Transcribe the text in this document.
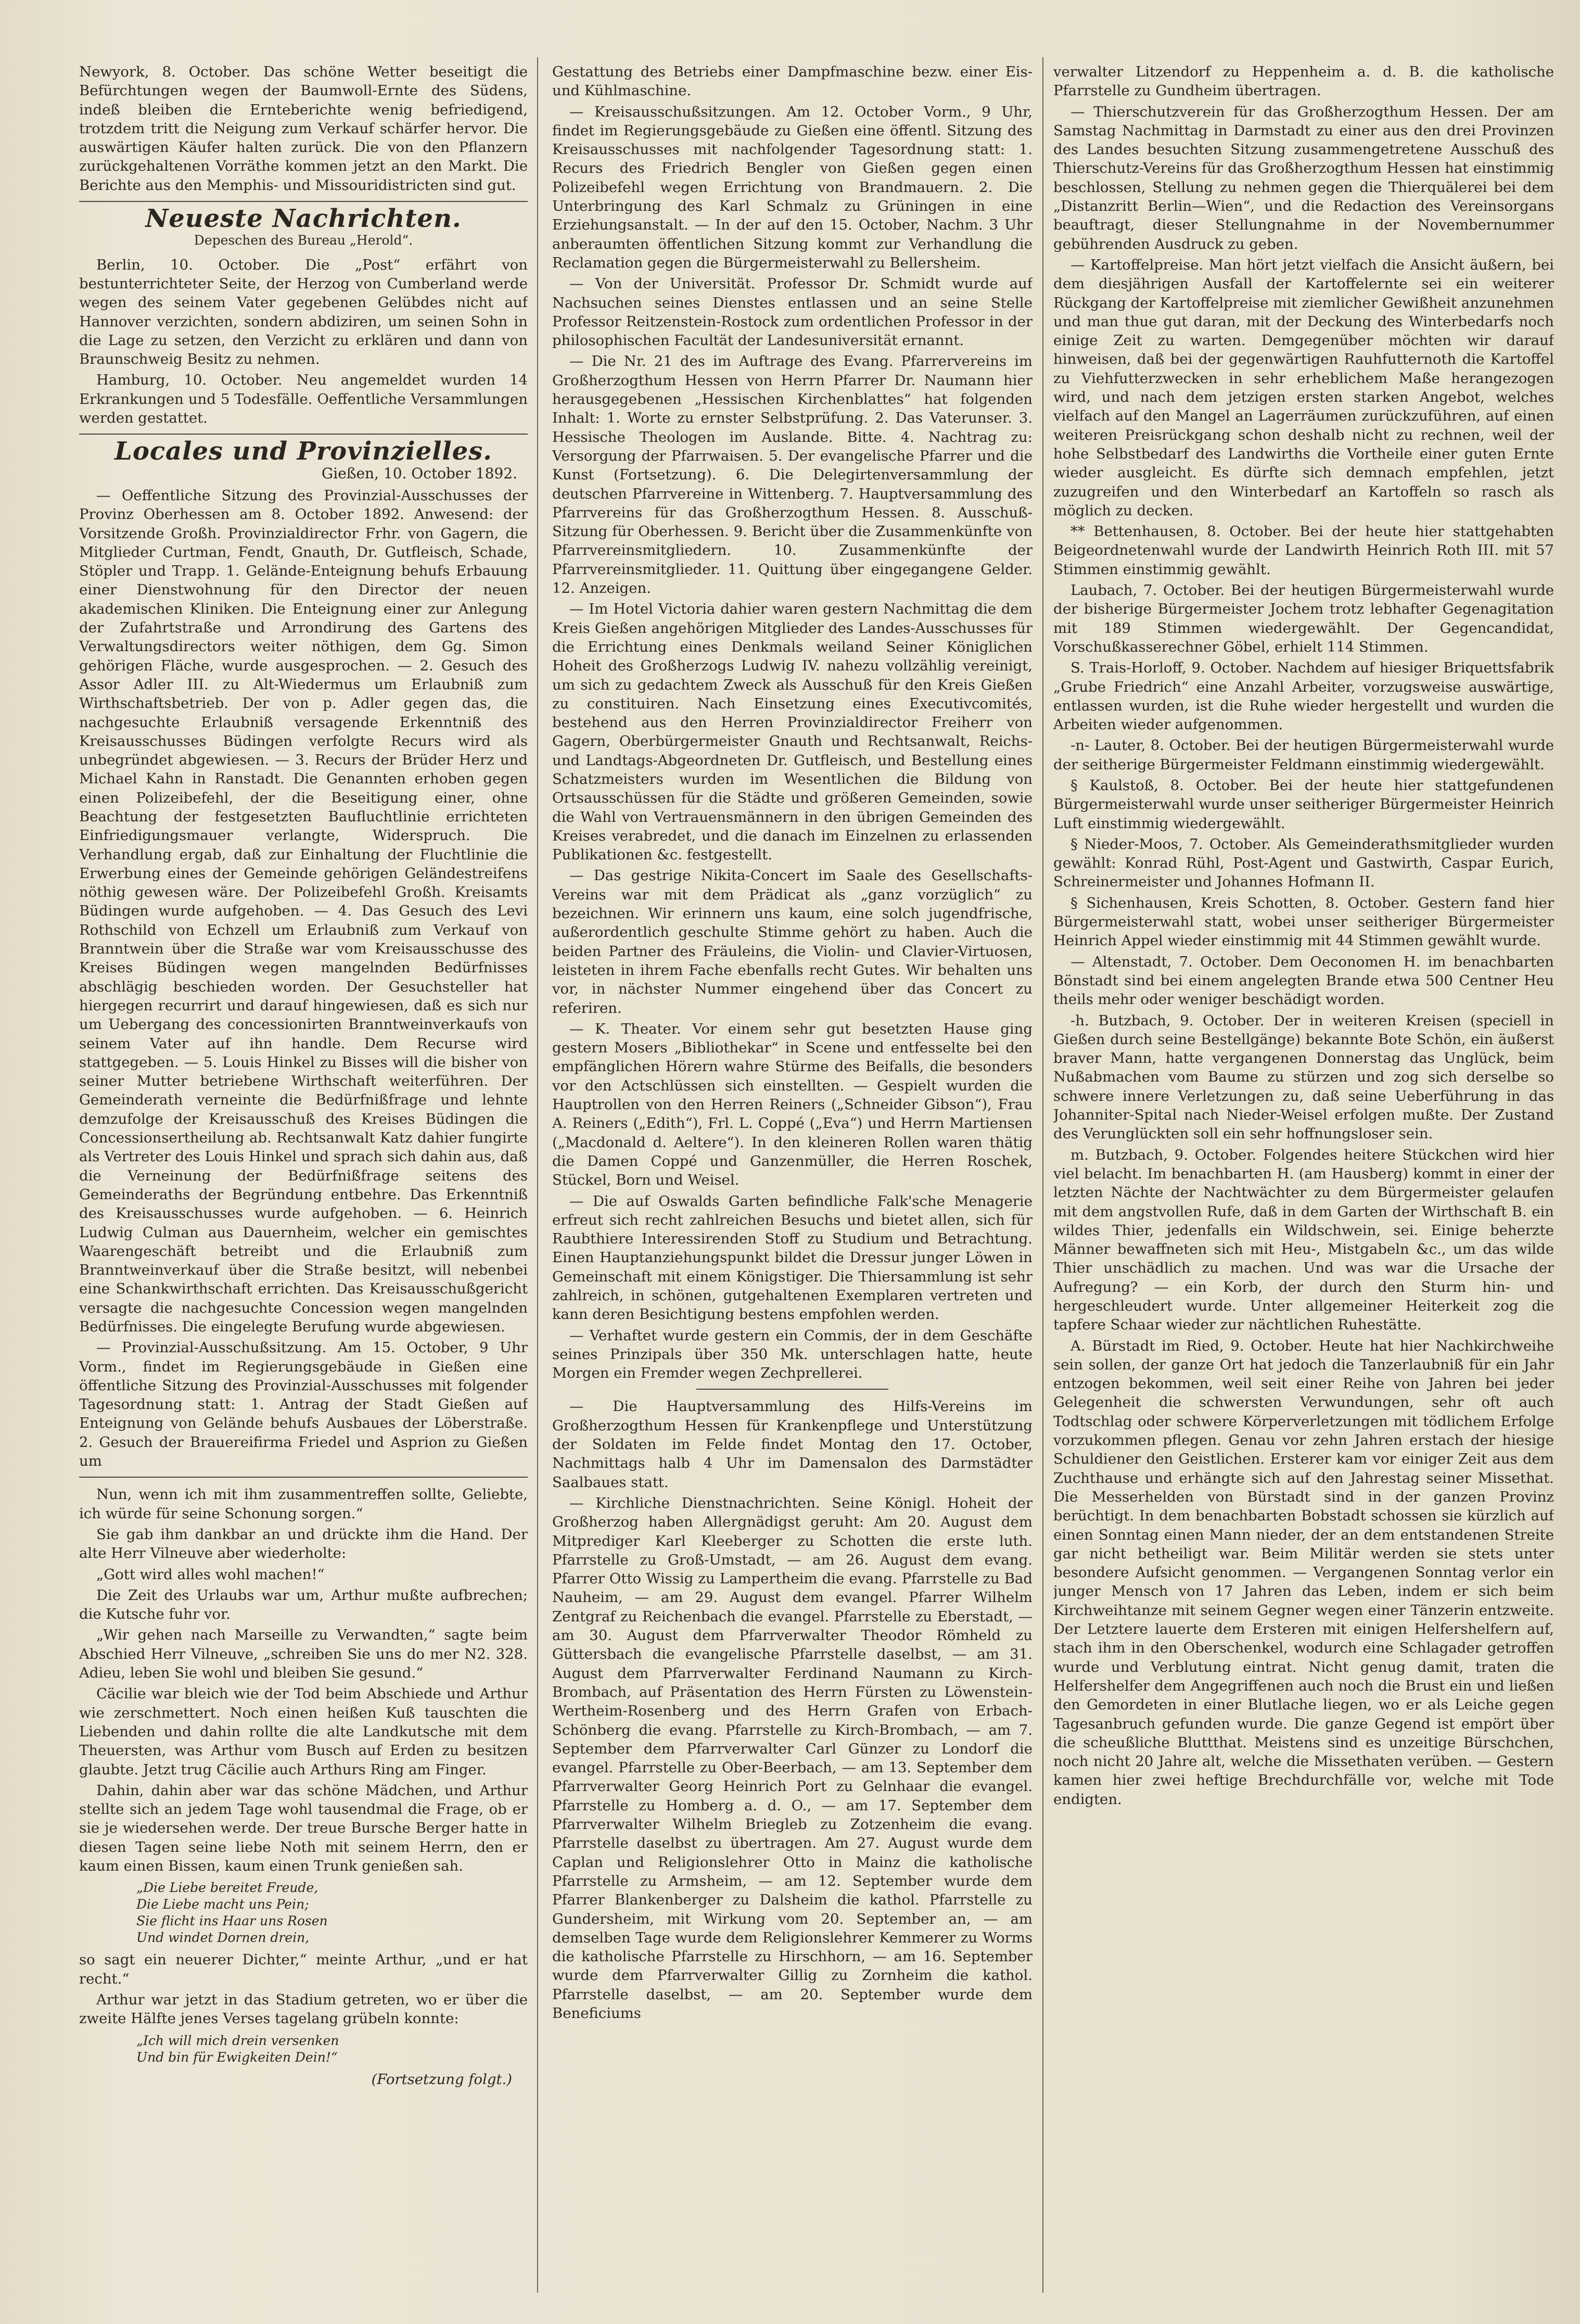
Newyork, 8. October. Das schöne Wetter beseitigt die Befürchtungen wegen der Baumwoll-Ernte des Südens, indeß bleiben die Ernteberichte wenig befriedigend, trotzdem tritt die Neigung zum Verkauf schärfer hervor. Die auswärtigen Käufer halten zurück. Die von den Pflanzern zurückgehaltenen Vorräthe kommen jetzt an den Markt. Die Berichte aus den Memphis- und Missouridistricten sind gut.

Neueste Nachrichten.
Depeschen des Bureau „Herold“.

Berlin, 10. October. Die „Post“ erfährt von bestunterrichteter Seite, der Herzog von Cumberland werde wegen des seinem Vater gegebenen Gelübdes nicht auf Hannover verzichten, sondern abdiziren, um seinen Sohn in die Lage zu setzen, den Verzicht zu erklären und dann von Braunschweig Besitz zu nehmen.

Hamburg, 10. October. Neu angemeldet wurden 14 Erkrankungen und 5 Todesfälle. Oeffentliche Versammlungen werden gestattet.

Locales und Provinzielles.
Gießen, 10. October 1892.

— Oeffentliche Sitzung des Provinzial-Ausschusses der Provinz Oberhessen am 8. October 1892. Anwesend: der Vorsitzende Großh. Provinzialdirector Frhr. von Gagern, die Mitglieder Curtman, Fendt, Gnauth, Dr. Gutfleisch, Schade, Stöpler und Trapp. 1. Gelände-Enteignung behufs Erbauung einer Dienstwohnung für den Director der neuen akademischen Kliniken. Die Enteignung einer zur Anlegung der Zufahrtstraße und Arrondirung des Gartens des Verwaltungsdirectors weiter nöthigen, dem Gg. Simon gehörigen Fläche, wurde ausgesprochen. — 2. Gesuch des Assor Adler III. zu Alt-Wiedermus um Erlaubniß zum Wirthschaftsbetrieb. Der von p. Adler gegen das, die nachgesuchte Erlaubniß versagende Erkenntniß des Kreisausschusses Büdingen verfolgte Recurs wird als unbegründet abgewiesen. — 3. Recurs der Brüder Herz und Michael Kahn in Ranstadt. Die Genannten erhoben gegen einen Polizeibefehl, der die Beseitigung einer, ohne Beachtung der festgesetzten Baufluchtlinie errichteten Einfriedigungsmauer verlangte, Widerspruch. Die Verhandlung ergab, daß zur Einhaltung der Fluchtlinie die Erwerbung eines der Gemeinde gehörigen Geländestreifens nöthig gewesen wäre. Der Polizeibefehl Großh. Kreisamts Büdingen wurde aufgehoben. — 4. Das Gesuch des Levi Rothschild von Echzell um Erlaubniß zum Verkauf von Branntwein über die Straße war vom Kreisausschusse des Kreises Büdingen wegen mangelnden Bedürfnisses abschlägig beschieden worden. Der Gesuchsteller hat hiergegen recurrirt und darauf hingewiesen, daß es sich nur um Uebergang des concessionirten Branntweinverkaufs von seinem Vater auf ihn handle. Dem Recurse wird stattgegeben. — 5. Louis Hinkel zu Bisses will die bisher von seiner Mutter betriebene Wirthschaft weiterführen. Der Gemeinderath verneinte die Bedürfnißfrage und lehnte demzufolge der Kreisausschuß des Kreises Büdingen die Concessionsertheilung ab. Rechtsanwalt Katz dahier fungirte als Vertreter des Louis Hinkel und sprach sich dahin aus, daß die Verneinung der Bedürfnißfrage seitens des Gemeinderaths der Begründung entbehre. Das Erkenntniß des Kreisausschusses wurde aufgehoben. — 6. Heinrich Ludwig Culman aus Dauernheim, welcher ein gemischtes Waarengeschäft betreibt und die Erlaubniß zum Branntweinverkauf über die Straße besitzt, will nebenbei eine Schankwirthschaft errichten. Das Kreisausschußgericht versagte die nachgesuchte Concession wegen mangelnden Bedürfnisses. Die eingelegte Berufung wurde abgewiesen.

— Provinzial-Ausschußsitzung. Am 15. October, 9 Uhr Vorm., findet im Regierungsgebäude in Gießen eine öffentliche Sitzung des Provinzial-Ausschusses mit folgender Tagesordnung statt: 1. Antrag der Stadt Gießen auf Enteignung von Gelände behufs Ausbaues der Löberstraße. 2. Gesuch der Brauereifirma Friedel und Asprion zu Gießen um

Nun, wenn ich mit ihm zusammentreffen sollte, Geliebte, ich würde für seine Schonung sorgen.“

Sie gab ihm dankbar an und drückte ihm die Hand. Der alte Herr Vilneuve aber wiederholte:

„Gott wird alles wohl machen!“

Die Zeit des Urlaubs war um, Arthur mußte aufbrechen; die Kutsche fuhr vor.

„Wir gehen nach Marseille zu Verwandten,“ sagte beim Abschied Herr Vilneuve, „schreiben Sie uns do mer N2. 328. Adieu, leben Sie wohl und bleiben Sie gesund.“

Cäcilie war bleich wie der Tod beim Abschiede und Arthur wie zerschmettert. Noch einen heißen Kuß tauschten die Liebenden und dahin rollte die alte Landkutsche mit dem Theuersten, was Arthur vom Busch auf Erden zu besitzen glaubte. Jetzt trug Cäcilie auch Arthurs Ring am Finger.

Dahin, dahin aber war das schöne Mädchen, und Arthur stellte sich an jedem Tage wohl tausendmal die Frage, ob er sie je wiedersehen werde. Der treue Bursche Berger hatte in diesen Tagen seine liebe Noth mit seinem Herrn, den er kaum einen Bissen, kaum einen Trunk genießen sah.

„Die Liebe bereitet Freude,
Die Liebe macht uns Pein;
Sie flicht ins Haar uns Rosen
Und windet Dornen drein,

so sagt ein neuerer Dichter,“ meinte Arthur, „und er hat recht.“

Arthur war jetzt in das Stadium getreten, wo er über die zweite Hälfte jenes Verses tagelang grübeln konnte:

„Ich will mich drein versenken
Und bin für Ewigkeiten Dein!“
(Fortsetzung folgt.)

Gestattung des Betriebs einer Dampfmaschine bezw. einer Eis- und Kühlmaschine.

— Kreisausschußsitzungen. Am 12. October Vorm., 9 Uhr, findet im Regierungsgebäude zu Gießen eine öffentl. Sitzung des Kreisausschusses mit nachfolgender Tagesordnung statt: 1. Recurs des Friedrich Bengler von Gießen gegen einen Polizeibefehl wegen Errichtung von Brandmauern. 2. Die Unterbringung des Karl Schmalz zu Grüningen in eine Erziehungsanstalt. — In der auf den 15. October, Nachm. 3 Uhr anberaumten öffentlichen Sitzung kommt zur Verhandlung die Reclamation gegen die Bürgermeisterwahl zu Bellersheim.

— Von der Universität. Professor Dr. Schmidt wurde auf Nachsuchen seines Dienstes entlassen und an seine Stelle Professor Reitzenstein-Rostock zum ordentlichen Professor in der philosophischen Facultät der Landesuniversität ernannt.

— Die Nr. 21 des im Auftrage des Evang. Pfarrervereins im Großherzogthum Hessen von Herrn Pfarrer Dr. Naumann hier herausgegebenen „Hessischen Kirchenblattes“ hat folgenden Inhalt: 1. Worte zu ernster Selbstprüfung. 2. Das Vaterunser. 3. Hessische Theologen im Auslande. Bitte. 4. Nachtrag zu: Versorgung der Pfarrwaisen. 5. Der evangelische Pfarrer und die Kunst (Fortsetzung). 6. Die Delegirtenversammlung der deutschen Pfarrvereine in Wittenberg. 7. Hauptversammlung des Pfarrvereins für das Großherzogthum Hessen. 8. Ausschuß-Sitzung für Oberhessen. 9. Bericht über die Zusammenkünfte von Pfarrvereinsmitgliedern. 10. Zusammenkünfte der Pfarrvereinsmitglieder. 11. Quittung über eingegangene Gelder. 12. Anzeigen.

— Im Hotel Victoria dahier waren gestern Nachmittag die dem Kreis Gießen angehörigen Mitglieder des Landes-Ausschusses für die Errichtung eines Denkmals weiland Seiner Königlichen Hoheit des Großherzogs Ludwig IV. nahezu vollzählig vereinigt, um sich zu gedachtem Zweck als Ausschuß für den Kreis Gießen zu constituiren. Nach Einsetzung eines Executivcomités, bestehend aus den Herren Provinzialdirector Freiherr von Gagern, Oberbürgermeister Gnauth und Rechtsanwalt, Reichs- und Landtags-Abgeordneten Dr. Gutfleisch, und Bestellung eines Schatzmeisters wurden im Wesentlichen die Bildung von Ortsausschüssen für die Städte und größeren Gemeinden, sowie die Wahl von Vertrauensmännern in den übrigen Gemeinden des Kreises verabredet, und die danach im Einzelnen zu erlassenden Publikationen &c. festgestellt.

— Das gestrige Nikita-Concert im Saale des Gesellschafts-Vereins war mit dem Prädicat als „ganz vorzüglich“ zu bezeichnen. Wir erinnern uns kaum, eine solch jugendfrische, außerordentlich geschulte Stimme gehört zu haben. Auch die beiden Partner des Fräuleins, die Violin- und Clavier-Virtuosen, leisteten in ihrem Fache ebenfalls recht Gutes. Wir behalten uns vor, in nächster Nummer eingehend über das Concert zu referiren.

— K. Theater. Vor einem sehr gut besetzten Hause ging gestern Mosers „Bibliothekar“ in Scene und entfesselte bei den empfänglichen Hörern wahre Stürme des Beifalls, die besonders vor den Actschlüssen sich einstellten. — Gespielt wurden die Hauptrollen von den Herren Reiners („Schneider Gibson“), Frau A. Reiners („Edith“), Frl. L. Coppé („Eva“) und Herrn Martiensen („Macdonald d. Aeltere“). In den kleineren Rollen waren thätig die Damen Coppé und Ganzenmüller, die Herren Roschek, Stückel, Born und Weisel.

— Die auf Oswalds Garten befindliche Falk'sche Menagerie erfreut sich recht zahlreichen Besuchs und bietet allen, sich für Raubthiere Interessirenden Stoff zu Studium und Betrachtung. Einen Hauptanziehungspunkt bildet die Dressur junger Löwen in Gemeinschaft mit einem Königstiger. Die Thiersammlung ist sehr zahlreich, in schönen, gutgehaltenen Exemplaren vertreten und kann deren Besichtigung bestens empfohlen werden.

— Verhaftet wurde gestern ein Commis, der in dem Geschäfte seines Prinzipals über 350 Mk. unterschlagen hatte, heute Morgen ein Fremder wegen Zechprellerei.

— Die Hauptversammlung des Hilfs-Vereins im Großherzogthum Hessen für Krankenpflege und Unterstützung der Soldaten im Felde findet Montag den 17. October, Nachmittags halb 4 Uhr im Damensalon des Darmstädter Saalbaues statt.

— Kirchliche Dienstnachrichten. Seine Königl. Hoheit der Großherzog haben Allergnädigst geruht: Am 20. August dem Mitprediger Karl Kleeberger zu Schotten die erste luth. Pfarrstelle zu Groß-Umstadt, — am 26. August dem evang. Pfarrer Otto Wissig zu Lampertheim die evang. Pfarrstelle zu Bad Nauheim, — am 29. August dem evangel. Pfarrer Wilhelm Zentgraf zu Reichenbach die evangel. Pfarrstelle zu Eberstadt, — am 30. August dem Pfarrverwalter Theodor Römheld zu Güttersbach die evangelische Pfarrstelle daselbst, — am 31. August dem Pfarrverwalter Ferdinand Naumann zu Kirch-Brombach, auf Präsentation des Herrn Fürsten zu Löwenstein-Wertheim-Rosenberg und des Herrn Grafen von Erbach-Schönberg die evang. Pfarrstelle zu Kirch-Brombach, — am 7. September dem Pfarrverwalter Carl Günzer zu Londorf die evangel. Pfarrstelle zu Ober-Beerbach, — am 13. September dem Pfarrverwalter Georg Heinrich Port zu Gelnhaar die evangel. Pfarrstelle zu Homberg a. d. O., — am 17. September dem Pfarrverwalter Wilhelm Briegleb zu Zotzenheim die evang. Pfarrstelle daselbst zu übertragen. Am 27. August wurde dem Caplan und Religionslehrer Otto in Mainz die katholische Pfarrstelle zu Armsheim, — am 12. September wurde dem Pfarrer Blankenberger zu Dalsheim die kathol. Pfarrstelle zu Gundersheim, mit Wirkung vom 20. September an, — am demselben Tage wurde dem Religionslehrer Kemmerer zu Worms die katholische Pfarrstelle zu Hirschhorn, — am 16. September wurde dem Pfarrverwalter Gillig zu Zornheim die kathol. Pfarrstelle daselbst, — am 20. September wurde dem Beneficiums

verwalter Litzendorf zu Heppenheim a. d. B. die katholische Pfarrstelle zu Gundheim übertragen.

— Thierschutzverein für das Großherzogthum Hessen. Der am Samstag Nachmittag in Darmstadt zu einer aus den drei Provinzen des Landes besuchten Sitzung zusammengetretene Ausschuß des Thierschutz-Vereins für das Großherzogthum Hessen hat einstimmig beschlossen, Stellung zu nehmen gegen die Thierquälerei bei dem „Distanzritt Berlin—Wien“, und die Redaction des Vereinsorgans beauftragt, dieser Stellungnahme in der Novembernummer gebührenden Ausdruck zu geben.

— Kartoffelpreise. Man hört jetzt vielfach die Ansicht äußern, bei dem diesjährigen Ausfall der Kartoffelernte sei ein weiterer Rückgang der Kartoffelpreise mit ziemlicher Gewißheit anzunehmen und man thue gut daran, mit der Deckung des Winterbedarfs noch einige Zeit zu warten. Demgegenüber möchten wir darauf hinweisen, daß bei der gegenwärtigen Rauhfutternoth die Kartoffel zu Viehfutterzwecken in sehr erheblichem Maße herangezogen wird, und nach dem jetzigen ersten starken Angebot, welches vielfach auf den Mangel an Lagerräumen zurückzuführen, auf einen weiteren Preisrückgang schon deshalb nicht zu rechnen, weil der hohe Selbstbedarf des Landwirths die Vortheile einer guten Ernte wieder ausgleicht. Es dürfte sich demnach empfehlen, jetzt zuzugreifen und den Winterbedarf an Kartoffeln so rasch als möglich zu decken.

** Bettenhausen, 8. October. Bei der heute hier stattgehabten Beigeordnetenwahl wurde der Landwirth Heinrich Roth III. mit 57 Stimmen einstimmig gewählt.

Laubach, 7. October. Bei der heutigen Bürgermeisterwahl wurde der bisherige Bürgermeister Jochem trotz lebhafter Gegenagitation mit 189 Stimmen wiedergewählt. Der Gegencandidat, Vorschußkasserechner Göbel, erhielt 114 Stimmen.

S. Trais-Horloff, 9. October. Nachdem auf hiesiger Briquettsfabrik „Grube Friedrich“ eine Anzahl Arbeiter, vorzugsweise auswärtige, entlassen wurden, ist die Ruhe wieder hergestellt und wurden die Arbeiten wieder aufgenommen.

-n- Lauter, 8. October. Bei der heutigen Bürgermeisterwahl wurde der seitherige Bürgermeister Feldmann einstimmig wiedergewählt.

§ Kaulstoß, 8. October. Bei der heute hier stattgefundenen Bürgermeisterwahl wurde unser seitheriger Bürgermeister Heinrich Luft einstimmig wiedergewählt.

§ Nieder-Moos, 7. October. Als Gemeinderathsmitglieder wurden gewählt: Konrad Rühl, Post-Agent und Gastwirth, Caspar Eurich, Schreinermeister und Johannes Hofmann II.

§ Sichenhausen, Kreis Schotten, 8. October. Gestern fand hier Bürgermeisterwahl statt, wobei unser seitheriger Bürgermeister Heinrich Appel wieder einstimmig mit 44 Stimmen gewählt wurde.

— Altenstadt, 7. October. Dem Oeconomen H. im benachbarten Bönstadt sind bei einem angelegten Brande etwa 500 Centner Heu theils mehr oder weniger beschädigt worden.

-h. Butzbach, 9. October. Der in weiteren Kreisen (speciell in Gießen durch seine Bestellgänge) bekannte Bote Schön, ein äußerst braver Mann, hatte vergangenen Donnerstag das Unglück, beim Nußabmachen vom Baume zu stürzen und zog sich derselbe so schwere innere Verletzungen zu, daß seine Ueberführung in das Johanniter-Spital nach Nieder-Weisel erfolgen mußte. Der Zustand des Verunglückten soll ein sehr hoffnungsloser sein.

m. Butzbach, 9. October. Folgendes heitere Stückchen wird hier viel belacht. Im benachbarten H. (am Hausberg) kommt in einer der letzten Nächte der Nachtwächter zu dem Bürgermeister gelaufen mit dem angstvollen Rufe, daß in dem Garten der Wirthschaft B. ein wildes Thier, jedenfalls ein Wildschwein, sei. Einige beherzte Männer bewaffneten sich mit Heu-, Mistgabeln &c., um das wilde Thier unschädlich zu machen. Und was war die Ursache der Aufregung? — ein Korb, der durch den Sturm hin- und hergeschleudert wurde. Unter allgemeiner Heiterkeit zog die tapfere Schaar wieder zur nächtlichen Ruhestätte.

A. Bürstadt im Ried, 9. October. Heute hat hier Nachkirchweihe sein sollen, der ganze Ort hat jedoch die Tanzerlaubniß für ein Jahr entzogen bekommen, weil seit einer Reihe von Jahren bei jeder Gelegenheit die schwersten Verwundungen, sehr oft auch Todtschlag oder schwere Körperverletzungen mit tödlichem Erfolge vorzukommen pflegen. Genau vor zehn Jahren erstach der hiesige Schuldiener den Geistlichen. Ersterer kam vor einiger Zeit aus dem Zuchthause und erhängte sich auf den Jahrestag seiner Missethat. Die Messerhelden von Bürstadt sind in der ganzen Provinz berüchtigt. In dem benachbarten Bobstadt schossen sie kürzlich auf einen Sonntag einen Mann nieder, der an dem entstandenen Streite gar nicht betheiligt war. Beim Militär werden sie stets unter besondere Aufsicht genommen. — Vergangenen Sonntag verlor ein junger Mensch von 17 Jahren das Leben, indem er sich beim Kirchweihtanze mit seinem Gegner wegen einer Tänzerin entzweite. Der Letztere lauerte dem Ersteren mit einigen Helfershelfern auf, stach ihm in den Oberschenkel, wodurch eine Schlagader getroffen wurde und Verblutung eintrat. Nicht genug damit, traten die Helfershelfer dem Angegriffenen auch noch die Brust ein und ließen den Gemordeten in einer Blutlache liegen, wo er als Leiche gegen Tagesanbruch gefunden wurde. Die ganze Gegend ist empört über die scheußliche Bluttthat. Meistens sind es unzeitige Bürschchen, noch nicht 20 Jahre alt, welche die Missethaten verüben. — Gestern kamen hier zwei heftige Brechdurchfälle vor, welche mit Tode endigten.
